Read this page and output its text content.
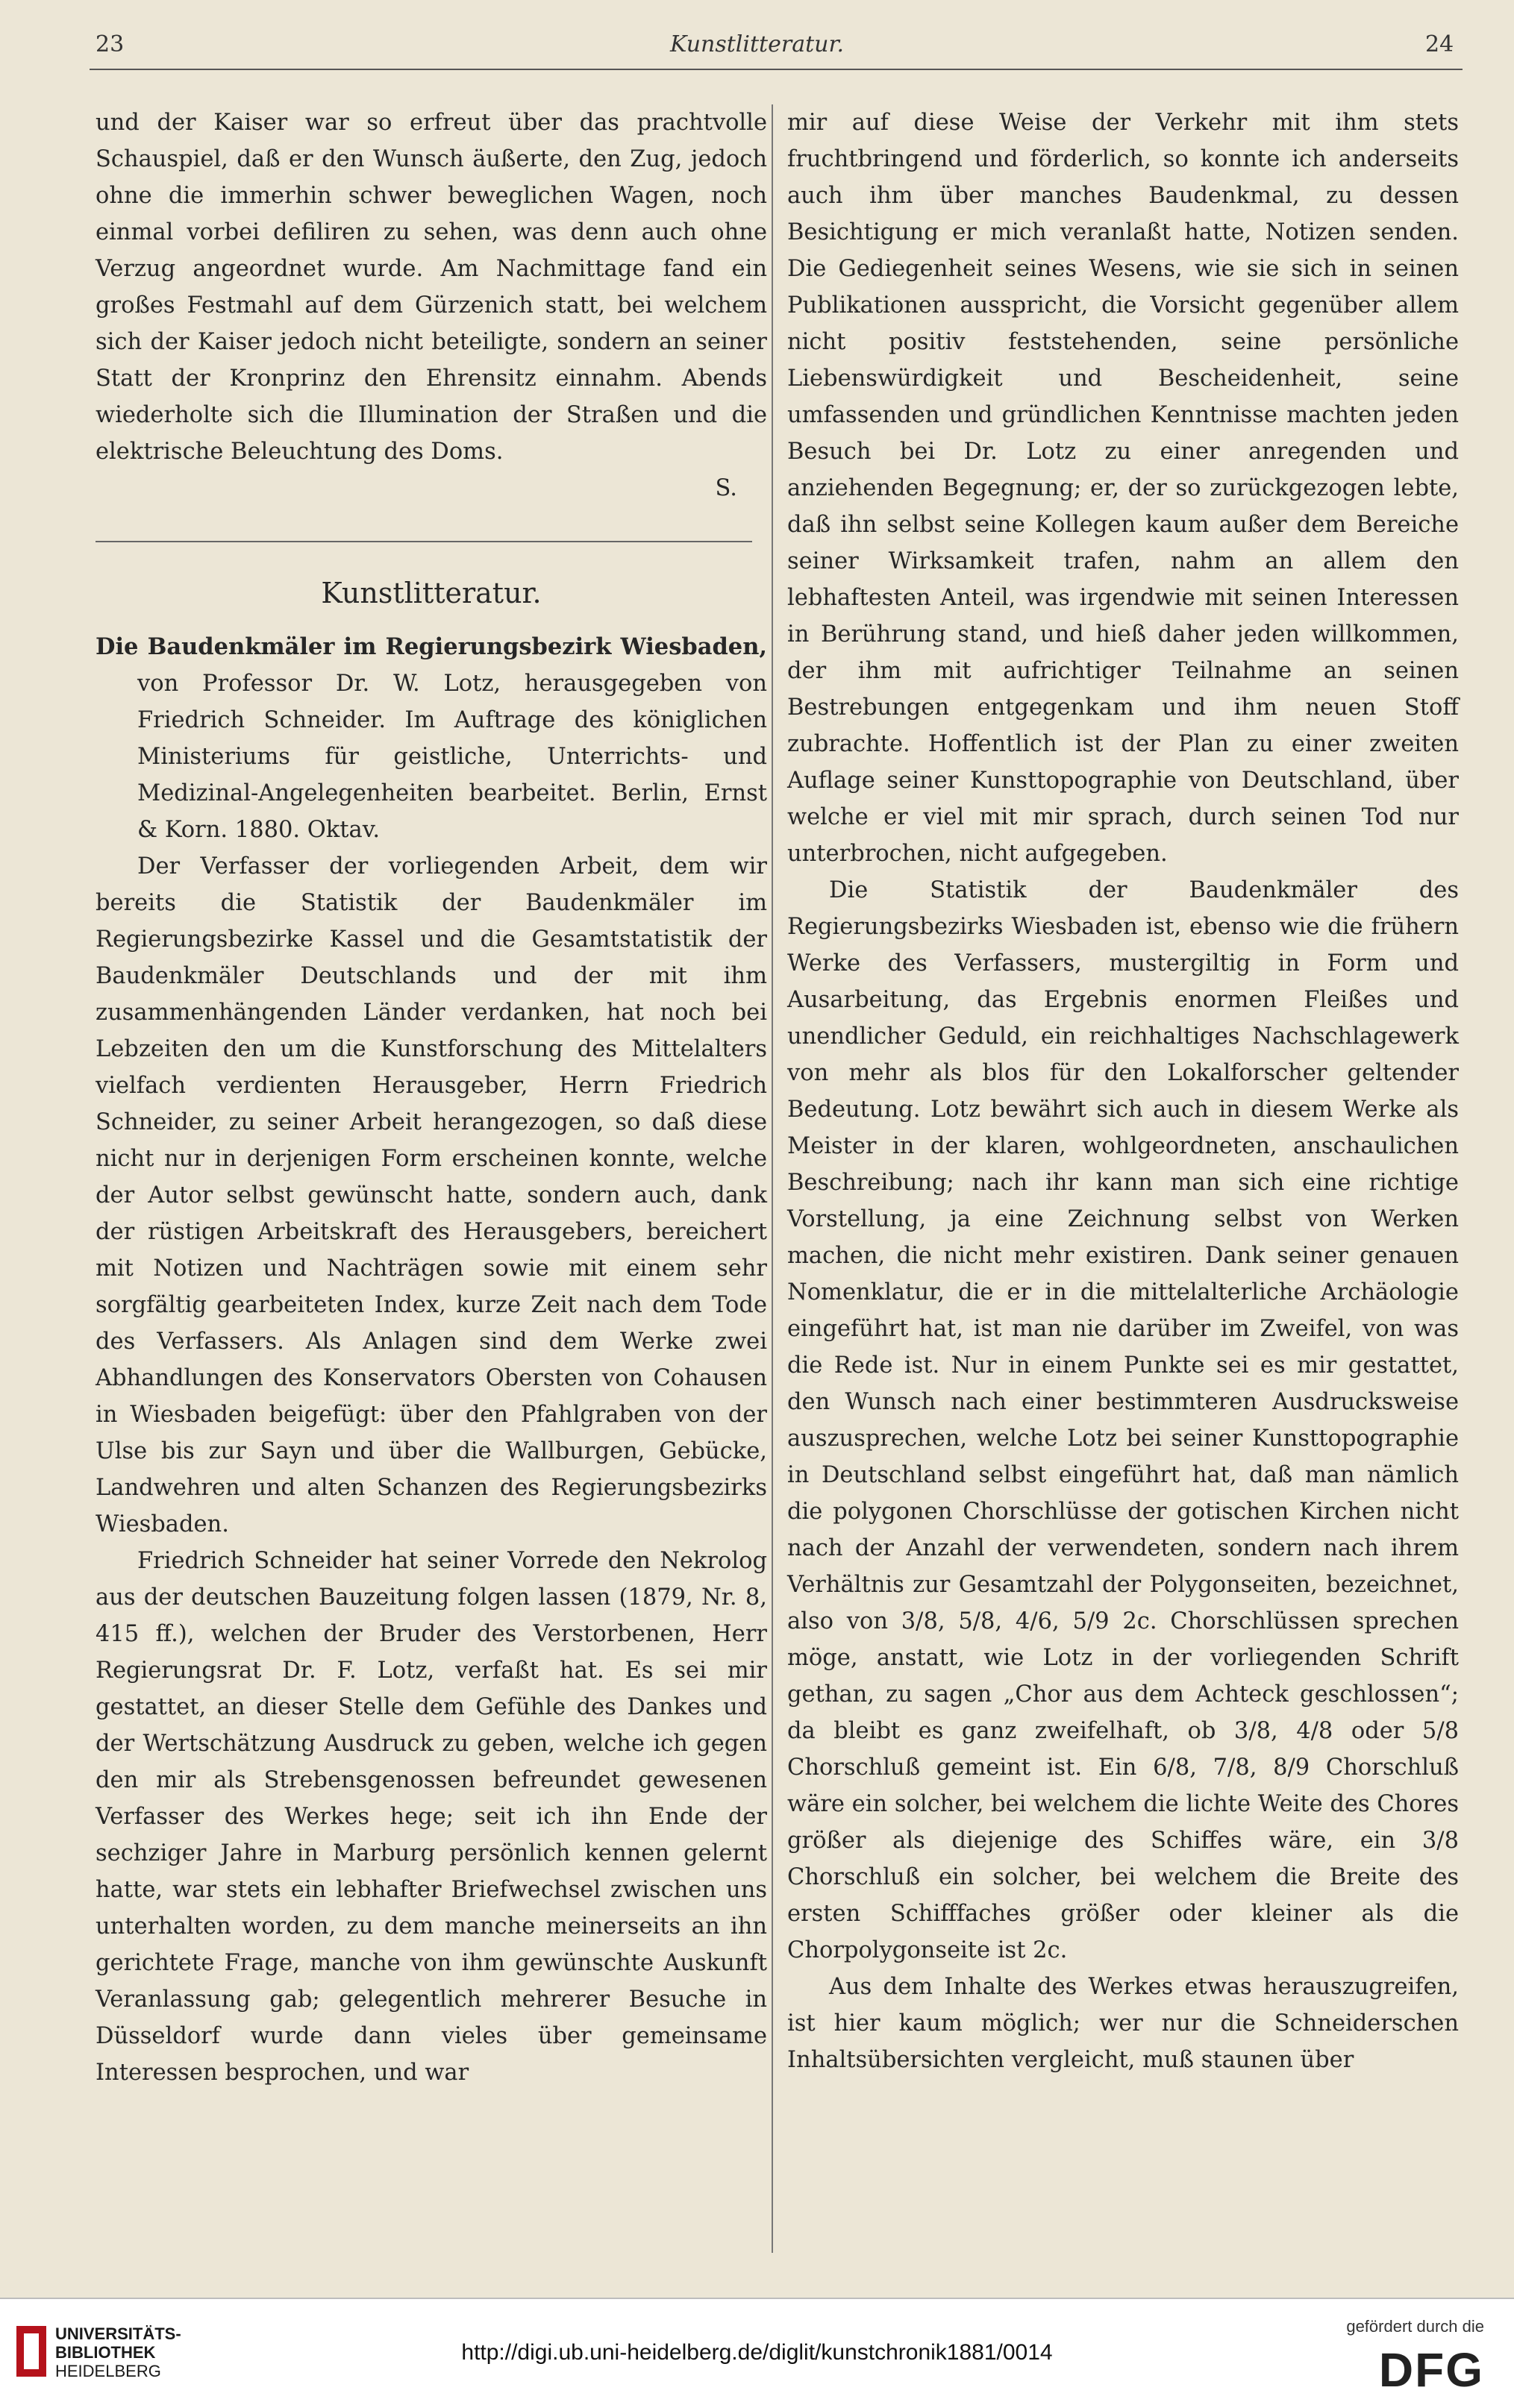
23	Kunstlitteratur.	24

und der Kaiser war so erfreut über das prachtvolle Schauspiel, daß er den Wunsch äußerte, den Zug, jedoch ohne die immerhin schwer beweglichen Wagen, noch einmal vorbei defiliren zu sehen, was denn auch ohne Verzug angeordnet wurde. Am Nachmittage fand ein großes Festmahl auf dem Gürzenich statt, bei welchem sich der Kaiser jedoch nicht beteiligte, sondern an seiner Statt der Kronprinz den Ehrensitz einnahm. Abends wiederholte sich die Illumination der Straßen und die elektrische Beleuchtung des Doms.

S.

Kunstlitteratur.

Die Baudenkmäler im Regierungsbezirk Wiesbaden, von Professor Dr. W. Lotz, herausgegeben von Friedrich Schneider. Im Auftrage des königlichen Ministeriums für geistliche, Unterrichts- und Medizinal-Angelegenheiten bearbeitet. Berlin, Ernst & Korn. 1880. Oktav.

Der Verfasser der vorliegenden Arbeit, dem wir bereits die Statistik der Baudenkmäler im Regierungsbezirke Kassel und die Gesamtstatistik der Baudenkmäler Deutschlands und der mit ihm zusammenhängenden Länder verdanken, hat noch bei Lebzeiten den um die Kunstforschung des Mittelalters vielfach verdienten Herausgeber, Herrn Friedrich Schneider, zu seiner Arbeit herangezogen, so daß diese nicht nur in derjenigen Form erscheinen konnte, welche der Autor selbst gewünscht hatte, sondern auch, dank der rüstigen Arbeitskraft des Herausgebers, bereichert mit Notizen und Nachträgen sowie mit einem sehr sorgfältig gearbeiteten Index, kurze Zeit nach dem Tode des Verfassers. Als Anlagen sind dem Werke zwei Abhandlungen des Konservators Obersten von Cohausen in Wiesbaden beigefügt: über den Pfahlgraben von der Ulse bis zur Sayn und über die Wallburgen, Gebücke, Landwehren und alten Schanzen des Regierungsbezirks Wiesbaden.

Friedrich Schneider hat seiner Vorrede den Nekrolog aus der deutschen Bauzeitung folgen lassen (1879, Nr. 8, 415 ff.), welchen der Bruder des Verstorbenen, Herr Regierungsrat Dr. F. Lotz, verfaßt hat. Es sei mir gestattet, an dieser Stelle dem Gefühle des Dankes und der Wertschätzung Ausdruck zu geben, welche ich gegen den mir als Strebensgenossen befreundet gewesenen Verfasser des Werkes hege; seit ich ihn Ende der sechziger Jahre in Marburg persönlich kennen gelernt hatte, war stets ein lebhafter Briefwechsel zwischen uns unterhalten worden, zu dem manche meinerseits an ihn gerichtete Frage, manche von ihm gewünschte Auskunft Veranlassung gab; gelegentlich mehrerer Besuche in Düsseldorf wurde dann vieles über gemeinsame Interessen besprochen, und war

mir auf diese Weise der Verkehr mit ihm stets fruchtbringend und förderlich, so konnte ich anderseits auch ihm über manches Baudenkmal, zu dessen Besichtigung er mich veranlaßt hatte, Notizen senden. Die Gediegenheit seines Wesens, wie sie sich in seinen Publikationen ausspricht, die Vorsicht gegenüber allem nicht positiv feststehenden, seine persönliche Liebenswürdigkeit und Bescheidenheit, seine umfassenden und gründlichen Kenntnisse machten jeden Besuch bei Dr. Lotz zu einer anregenden und anziehenden Begegnung; er, der so zurückgezogen lebte, daß ihn selbst seine Kollegen kaum außer dem Bereiche seiner Wirksamkeit trafen, nahm an allem den lebhaftesten Anteil, was irgendwie mit seinen Interessen in Berührung stand, und hieß daher jeden willkommen, der ihm mit aufrichtiger Teilnahme an seinen Bestrebungen entgegenkam und ihm neuen Stoff zubrachte. Hoffentlich ist der Plan zu einer zweiten Auflage seiner Kunsttopographie von Deutschland, über welche er viel mit mir sprach, durch seinen Tod nur unterbrochen, nicht aufgegeben.

Die Statistik der Baudenkmäler des Regierungsbezirks Wiesbaden ist, ebenso wie die frühern Werke des Verfassers, mustergiltig in Form und Ausarbeitung, das Ergebnis enormen Fleißes und unendlicher Geduld, ein reichhaltiges Nachschlagewerk von mehr als blos für den Lokalforscher geltender Bedeutung. Lotz bewährt sich auch in diesem Werke als Meister in der klaren, wohlgeordneten, anschaulichen Beschreibung; nach ihr kann man sich eine richtige Vorstellung, ja eine Zeichnung selbst von Werken machen, die nicht mehr existiren. Dank seiner genauen Nomenklatur, die er in die mittelalterliche Archäologie eingeführt hat, ist man nie darüber im Zweifel, von was die Rede ist. Nur in einem Punkte sei es mir gestattet, den Wunsch nach einer bestimmteren Ausdrucksweise auszusprechen, welche Lotz bei seiner Kunsttopographie in Deutschland selbst eingeführt hat, daß man nämlich die polygonen Chorschlüsse der gotischen Kirchen nicht nach der Anzahl der verwendeten, sondern nach ihrem Verhältnis zur Gesamtzahl der Polygonseiten, bezeichnet, also von 3/8, 5/8, 4/6, 5/9 2c. Chorschlüssen sprechen möge, anstatt, wie Lotz in der vorliegenden Schrift gethan, zu sagen „Chor aus dem Achteck geschlossen“; da bleibt es ganz zweifelhaft, ob 3/8, 4/8 oder 5/8 Chorschluß gemeint ist. Ein 6/8, 7/8, 8/9 Chorschluß wäre ein solcher, bei welchem die lichte Weite des Chores größer als diejenige des Schiffes wäre, ein 3/8 Chorschluß ein solcher, bei welchem die Breite des ersten Schifffaches größer oder kleiner als die Chorpolygonseite ist 2c.

Aus dem Inhalte des Werkes etwas herauszugreifen, ist hier kaum möglich; wer nur die Schneiderschen Inhaltsübersichten vergleicht, muß staunen über

UNIVERSITÄTS-
BIBLIOTHEK
HEIDELBERG
http://digi.ub.uni-heidelberg.de/diglit/kunstchronik1881/0014
gefördert durch die
DFG
